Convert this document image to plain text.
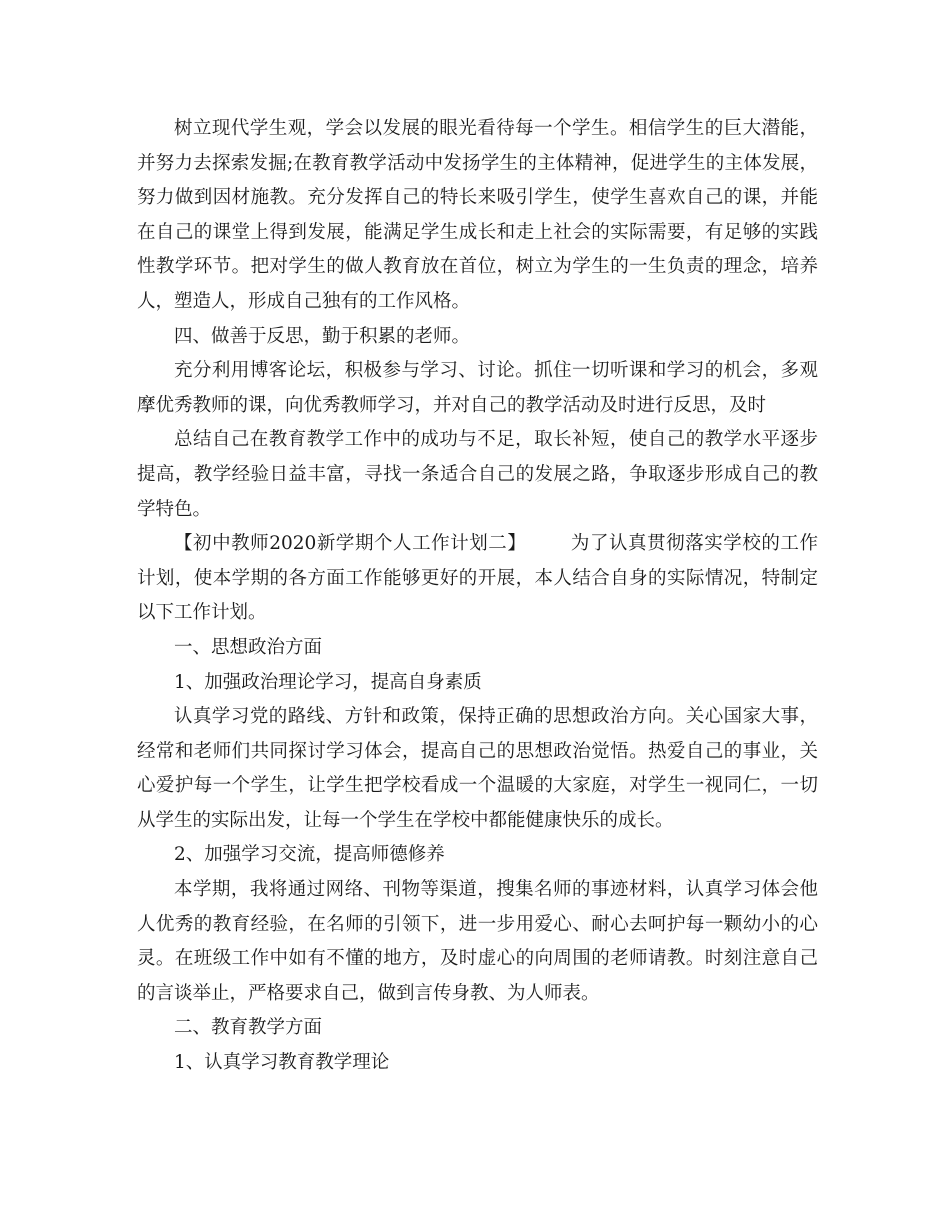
树立现代学生观，学会以发展的眼光看待每一个学生。相信学生的巨大潜能，并努力去探索发掘;在教育教学活动中发扬学生的主体精神，促进学生的主体发展，努力做到因材施教。充分发挥自己的特长来吸引学生，使学生喜欢自己的课，并能在自己的课堂上得到发展，能满足学生成长和走上社会的实际需要，有足够的实践性教学环节。把对学生的做人教育放在首位，树立为学生的一生负责的理念，培养人，塑造人，形成自己独有的工作风格。

四、做善于反思，勤于积累的老师。

充分利用博客论坛，积极参与学习、讨论。抓住一切听课和学习的机会，多观摩优秀教师的课，向优秀教师学习，并对自己的教学活动及时进行反思，及时

总结自己在教育教学工作中的成功与不足，取长补短，使自己的教学水平逐步提高，教学经验日益丰富，寻找一条适合自己的发展之路，争取逐步形成自己的教学特色。

【初中教师2020新学期个人工作计划二】 为了认真贯彻落实学校的工作计划，使本学期的各方面工作能够更好的开展，本人结合自身的实际情况，特制定以下工作计划。

一、思想政治方面

1、加强政治理论学习，提高自身素质

认真学习党的路线、方针和政策，保持正确的思想政治方向。关心国家大事，经常和老师们共同探讨学习体会，提高自己的思想政治觉悟。热爱自己的事业，关心爱护每一个学生，让学生把学校看成一个温暖的大家庭，对学生一视同仁，一切从学生的实际出发，让每一个学生在学校中都能健康快乐的成长。

2、加强学习交流，提高师德修养

本学期，我将通过网络、刊物等渠道，搜集名师的事迹材料，认真学习体会他人优秀的教育经验，在名师的引领下，进一步用爱心、耐心去呵护每一颗幼小的心灵。在班级工作中如有不懂的地方，及时虚心的向周围的老师请教。时刻注意自己的言谈举止，严格要求自己，做到言传身教、为人师表。

二、教育教学方面

1、认真学习教育教学理论
